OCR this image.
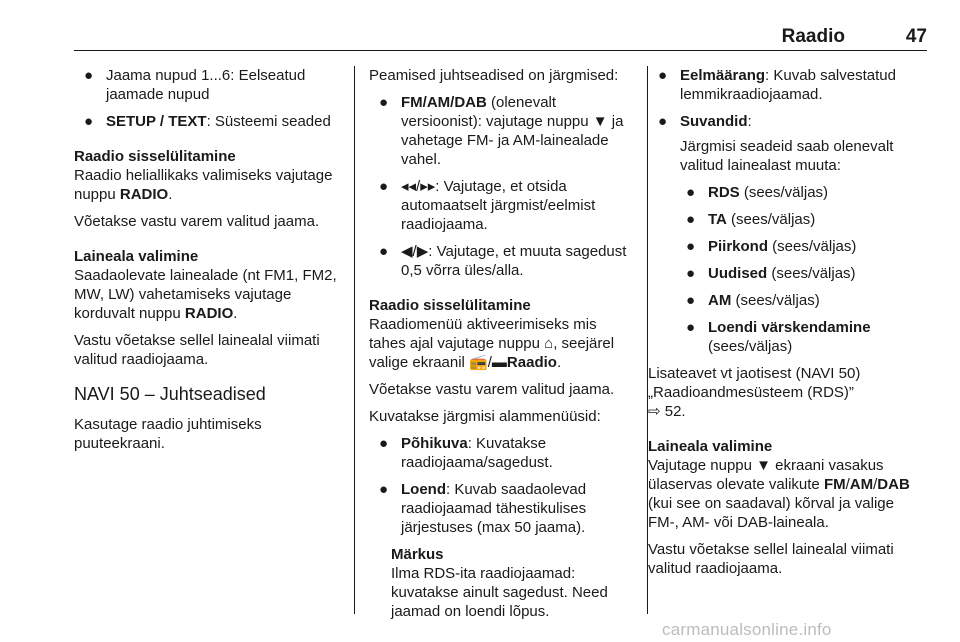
Raadio	47
● Jaama nupud 1...6: Eelseatud jaamade nupud
● SETUP / TEXT: Süsteemi seaded

Raadio sisselülitamine

Raadio heliallikaks valimiseks vajutage nuppu RADIO.

Võetakse vastu varem valitud jaama.

Laineala valimine

Saadaolevate lainealade (nt FM1, FM2, MW, LW) vahetamiseks vajutage korduvalt nuppu RADIO.

Vastu võetakse sellel lainealal viimati valitud raadiojaama.

NAVI 50 – Juhtseadised

Kasutage raadio juhtimiseks puuteekraani.

Peamised juhtseadised on järgmised:

● FM/AM/DAB (olenevalt versioonist): vajutage nuppu ▼ ja vahetage FM- ja AM-lainealade vahel.
● ◂◂/▸▸: Vajutage, et otsida automaatselt järgmist/eelmist raadiojaama.
● ◀/▶: Vajutage, et muuta sagedust 0,5 võrra üles/alla.

Raadio sisselülitamine

Raadiomenüü aktiveerimiseks mis tahes ajal vajutage nuppu ⌂, seejärel valige ekraanil 📻/▬Raadio.

Võetakse vastu varem valitud jaama.

Kuvatakse järgmisi alammenüüsid:

● Põhikuva: Kuvatakse raadiojaama/sagedust.
● Loend: Kuvab saadaolevad raadiojaamad tähestikulises järjestuses (max 50 jaama).

Märkus

Ilma RDS-ita raadiojaamad: kuvatakse ainult sagedust. Need jaamad on loendi lõpus.

● Eelmäärang: Kuvab salvestatud lemmikraadiojaamad.
● Suvandid:
Järgmisi seadeid saab olenevalt valitud lainealast muuta:
● RDS (sees/väljas)
● TA (sees/väljas)
● Piirkond (sees/väljas)
● Uudised (sees/väljas)
● AM (sees/väljas)
● Loendi värskendamine
(sees/väljas)

Lisateavet vt jaotisest (NAVI 50) „Raadioandmesüsteem (RDS)”
⇨ 52.

Laineala valimine

Vajutage nuppu ▼ ekraani vasakus ülaservas olevate valikute FM/AM/DAB (kui see on saadaval) kõrval ja valige FM-, AM- või DAB-laineala.

Vastu võetakse sellel lainealal viimati valitud raadiojaama.

carmanualsonline.info
